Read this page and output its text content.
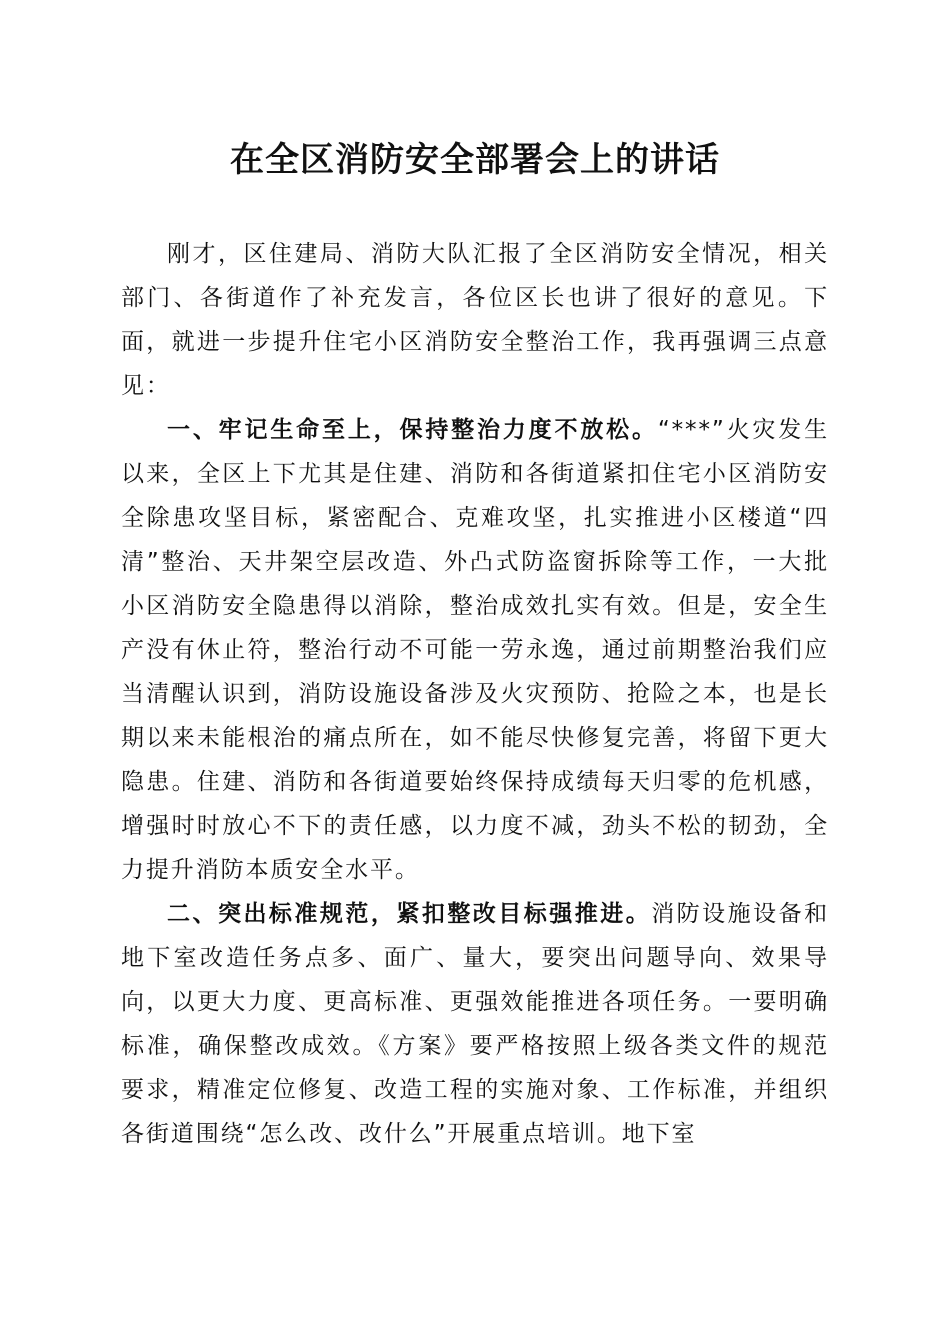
在全区消防安全部署会上的讲话

刚才，区住建局、消防大队汇报了全区消防安全情况，相关部门、各街道作了补充发言，各位区长也讲了很好的意见。下面，就进一步提升住宅小区消防安全整治工作，我再强调三点意见：

一、牢记生命至上，保持整治力度不放松。“***”火灾发生以来，全区上下尤其是住建、消防和各街道紧扣住宅小区消防安全除患攻坚目标，紧密配合、克难攻坚，扎实推进小区楼道“四清”整治、天井架空层改造、外凸式防盗窗拆除等工作，一大批小区消防安全隐患得以消除，整治成效扎实有效。但是，安全生产没有休止符，整治行动不可能一劳永逸，通过前期整治我们应当清醒认识到，消防设施设备涉及火灾预防、抢险之本，也是长期以来未能根治的痛点所在，如不能尽快修复完善，将留下更大隐患。住建、消防和各街道要始终保持成绩每天归零的危机感，增强时时放心不下的责任感，以力度不减，劲头不松的韧劲，全力提升消防本质安全水平。

二、突出标准规范，紧扣整改目标强推进。消防设施设备和地下室改造任务点多、面广、量大，要突出问题导向、效果导向，以更大力度、更高标准、更强效能推进各项任务。一要明确标准，确保整改成效。《方案》要严格按照上级各类文件的规范要求，精准定位修复、改造工程的实施对象、工作标准，并组织各街道围绕“怎么改、改什么”开展重点培训。地下室
